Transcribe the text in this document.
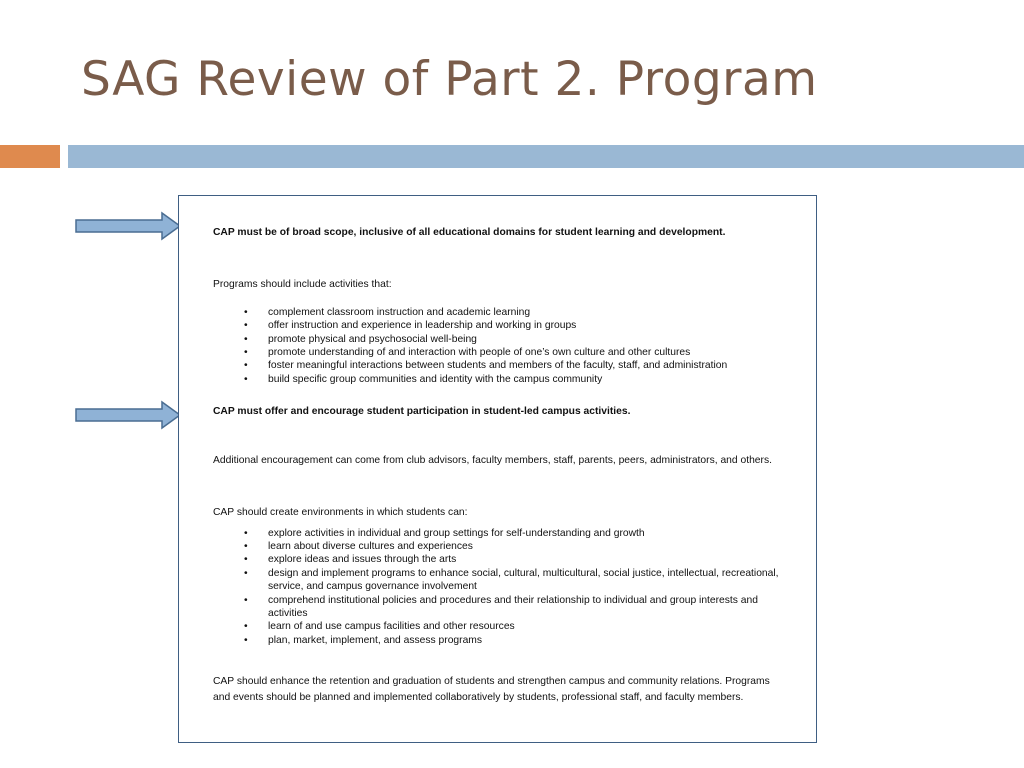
SAG Review of Part 2. Program

CAP must be of broad scope, inclusive of all educational domains for student learning and development.

Programs should include activities that:

• complement classroom instruction and academic learning
• offer instruction and experience in leadership and working in groups
• promote physical and psychosocial well-being
• promote understanding of and interaction with people of one’s own culture and other cultures
• foster meaningful interactions between students and members of the faculty, staff, and administration
• build specific group communities and identity with the campus community

CAP must offer and encourage student participation in student-led campus activities.

Additional encouragement can come from club advisors, faculty members, staff, parents, peers, administrators, and others.

CAP should create environments in which students can:

• explore activities in individual and group settings for self-understanding and growth
• learn about diverse cultures and experiences
• explore ideas and issues through the arts
• design and implement programs to enhance social, cultural, multicultural, social justice, intellectual, recreational, service, and campus governance involvement
• comprehend institutional policies and procedures and their relationship to individual and group interests and activities
• learn of and use campus facilities and other resources
• plan, market, implement, and assess programs

CAP should enhance the retention and graduation of students and strengthen campus and community relations. Programs and events should be planned and implemented collaboratively by students, professional staff, and faculty members.
